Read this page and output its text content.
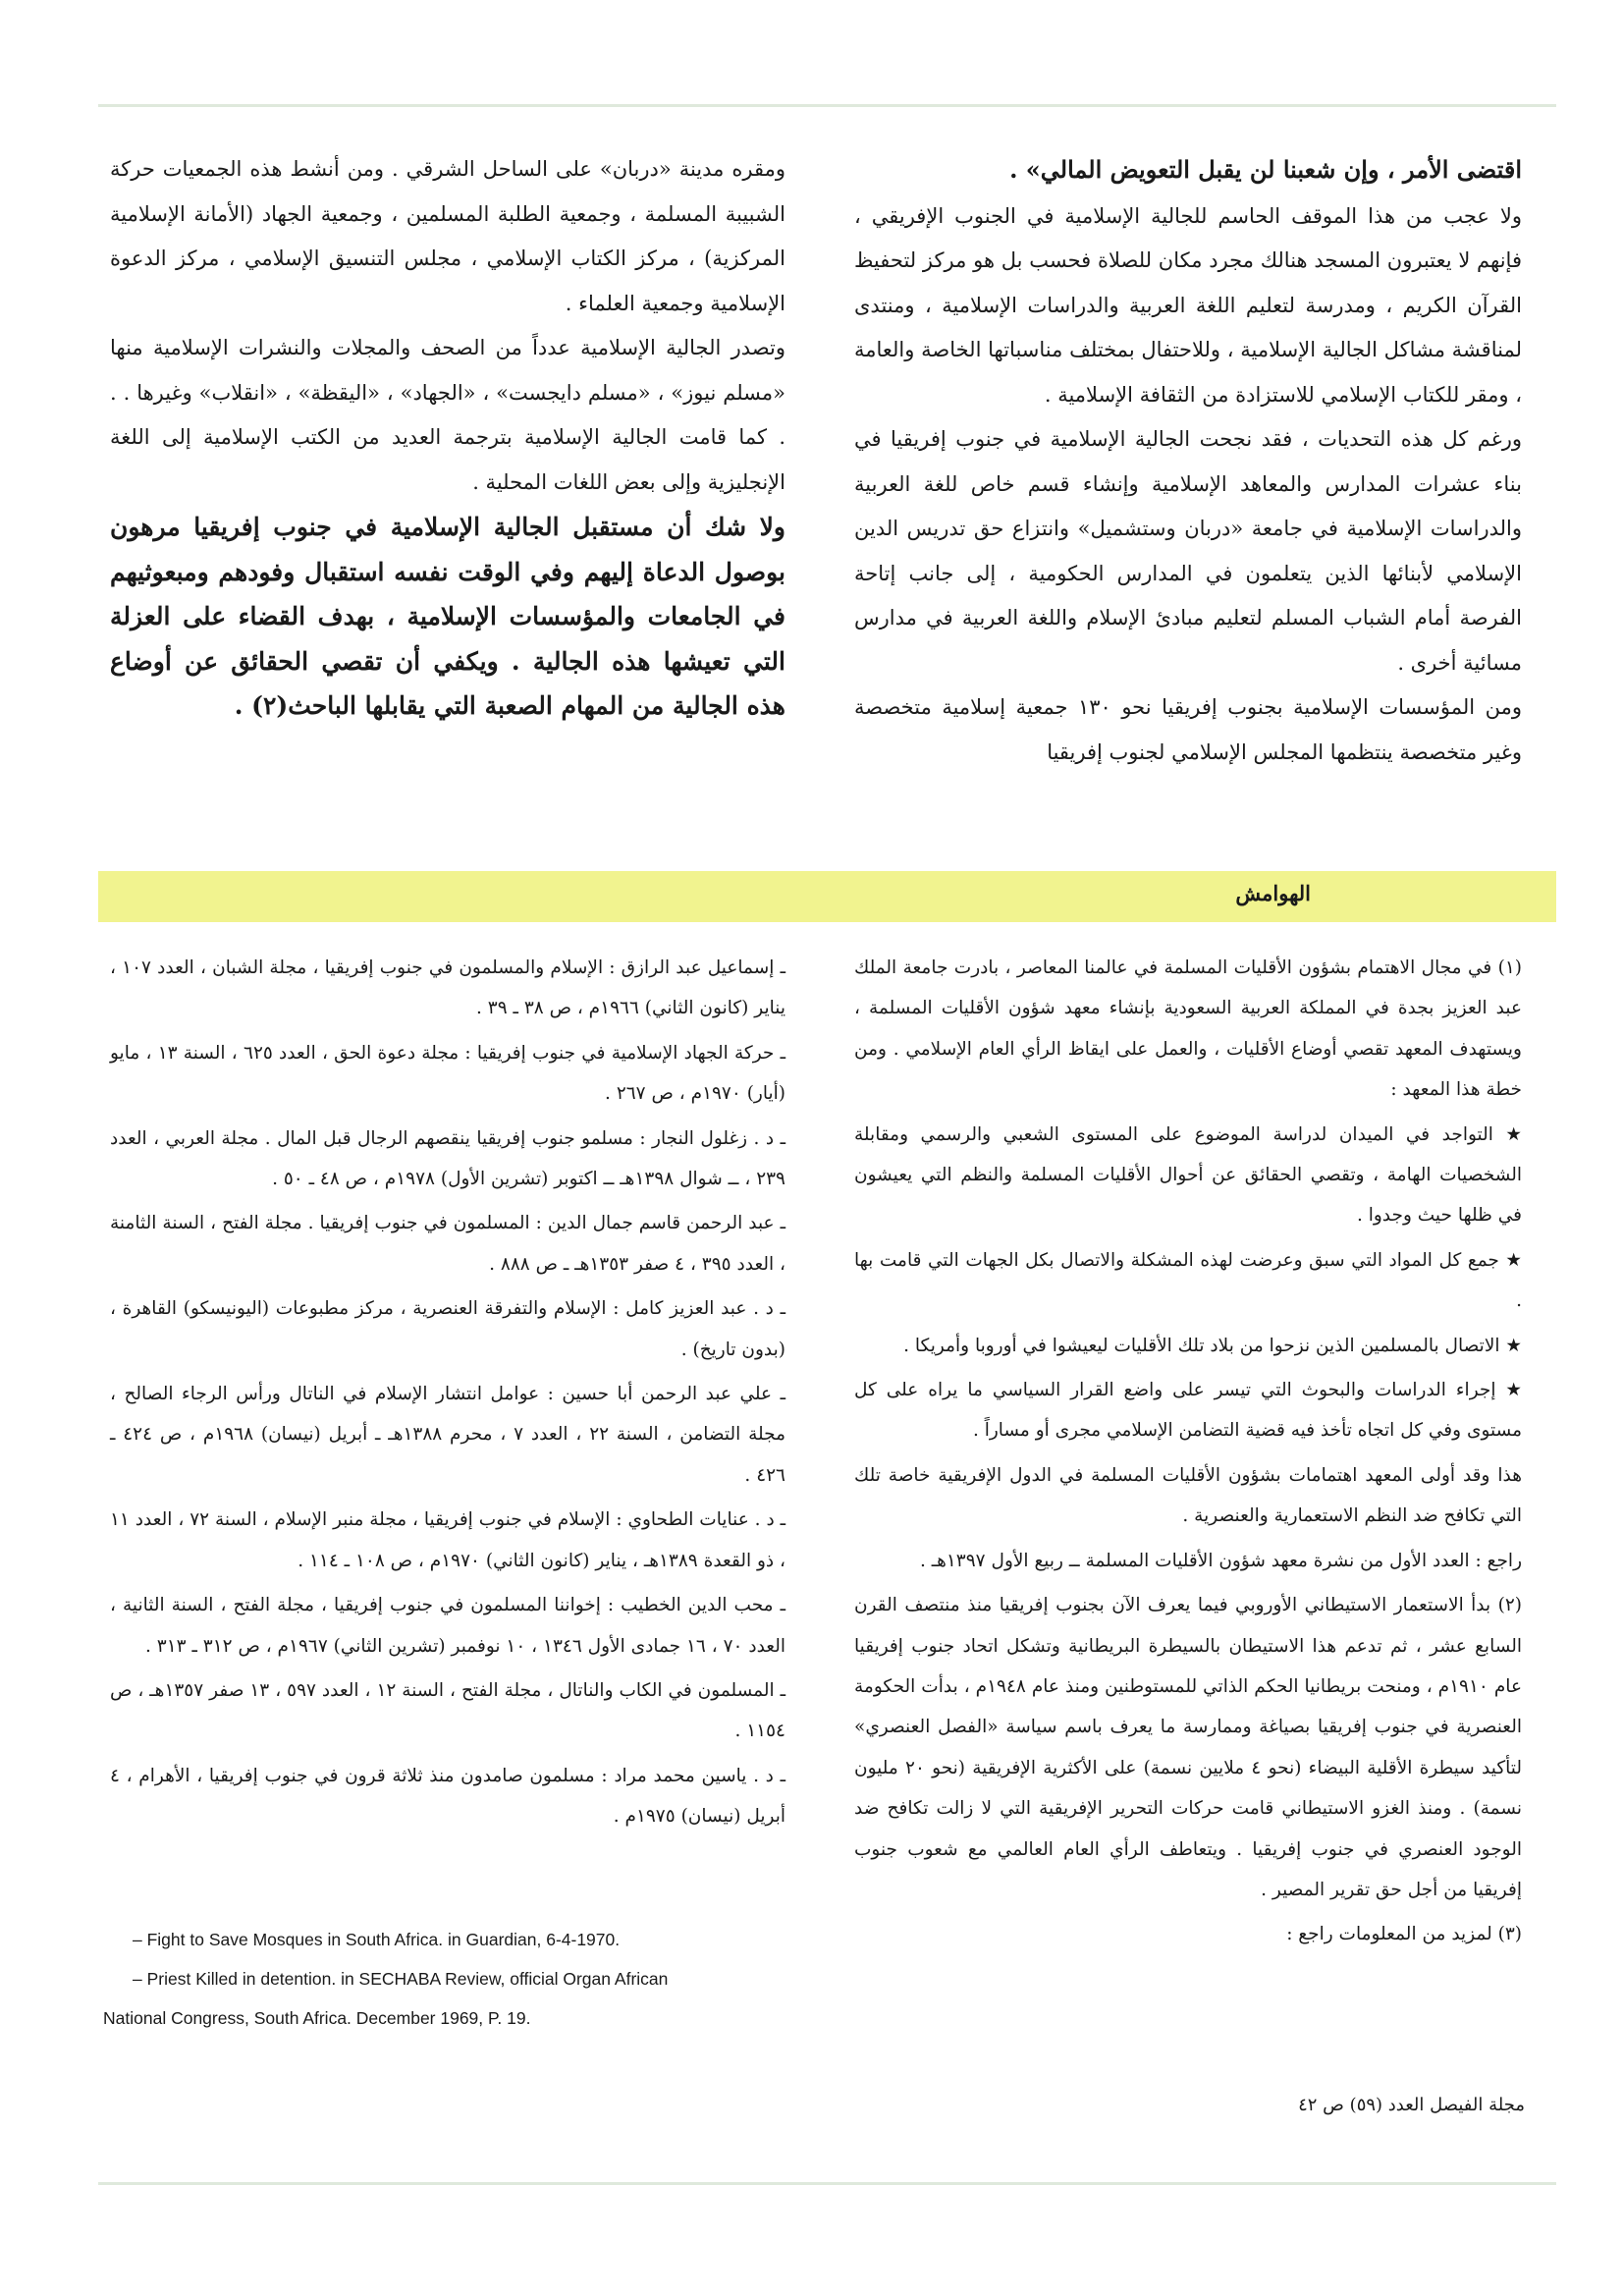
اقتضى الأمر ، وإن شعبنا لن يقبل التعويض المالي» .

ولا عجب من هذا الموقف الحاسم للجالية الإسلامية في الجنوب الإفريقي ، فإنهم لا يعتبرون المسجد هنالك مجرد مكان للصلاة فحسب بل هو مركز لتحفيظ القرآن الكريم ، ومدرسة لتعليم اللغة العربية والدراسات الإسلامية ، ومنتدى لمناقشة مشاكل الجالية الإسلامية ، وللاحتفال بمختلف مناسباتها الخاصة والعامة ، ومقر للكتاب الإسلامي للاستزادة من الثقافة الإسلامية .

ورغم كل هذه التحديات ، فقد نجحت الجالية الإسلامية في جنوب إفريقيا في بناء عشرات المدارس والمعاهد الإسلامية وإنشاء قسم خاص للغة العربية والدراسات الإسلامية في جامعة «دربان وستشميل» وانتزاع حق تدريس الدين الإسلامي لأبنائها الذين يتعلمون في المدارس الحكومية ، إلى جانب إتاحة الفرصة أمام الشباب المسلم لتعليم مبادئ الإسلام واللغة العربية في مدارس مسائية أخرى .

ومن المؤسسات الإسلامية بجنوب إفريقيا نحو ١٣٠ جمعية إسلامية متخصصة وغير متخصصة ينتظمها المجلس الإسلامي لجنوب إفريقيا

ومقره مدينة «دربان» على الساحل الشرقي . ومن أنشط هذه الجمعيات حركة الشبيبة المسلمة ، وجمعية الطلبة المسلمين ، وجمعية الجهاد (الأمانة الإسلامية المركزية) ، مركز الكتاب الإسلامي ، مجلس التنسيق الإسلامي ، مركز الدعوة الإسلامية وجمعية العلماء .

وتصدر الجالية الإسلامية عدداً من الصحف والمجلات والنشرات الإسلامية منها «مسلم نيوز» ، «مسلم دايجست» ، «الجهاد» ، «اليقظة» ، «انقلاب» وغيرها . . . كما قامت الجالية الإسلامية بترجمة العديد من الكتب الإسلامية إلى اللغة الإنجليزية وإلى بعض اللغات المحلية .

ولا شك أن مستقبل الجالية الإسلامية في جنوب إفريقيا مرهون بوصول الدعاة إليهم وفي الوقت نفسه استقبال وفودهم ومبعوثيهم في الجامعات والمؤسسات الإسلامية ، بهدف القضاء على العزلة التي تعيشها هذه الجالية . ويكفي أن تقصي الحقائق عن أوضاع هذه الجالية من المهام الصعبة التي يقابلها الباحث(٢) .

الهوامش

(١) في مجال الاهتمام بشؤون الأقليات المسلمة في عالمنا المعاصر ، بادرت جامعة الملك عبد العزيز بجدة في المملكة العربية السعودية بإنشاء معهد شؤون الأقليات المسلمة ، ويستهدف المعهد تقصي أوضاع الأقليات ، والعمل على ايقاظ الرأي العام الإسلامي . ومن خطة هذا المعهد :

★ التواجد في الميدان لدراسة الموضوع على المستوى الشعبي والرسمي ومقابلة الشخصيات الهامة ، وتقصي الحقائق عن أحوال الأقليات المسلمة والنظم التي يعيشون في ظلها حيث وجدوا .

★ جمع كل المواد التي سبق وعرضت لهذه المشكلة والاتصال بكل الجهات التي قامت بها .

★ الاتصال بالمسلمين الذين نزحوا من بلاد تلك الأقليات ليعيشوا في أوروبا وأمريكا .

★ إجراء الدراسات والبحوث التي تيسر على واضع القرار السياسي ما يراه على كل مستوى وفي كل اتجاه تأخذ فيه قضية التضامن الإسلامي مجرى أو مساراً .

هذا وقد أولى المعهد اهتمامات بشؤون الأقليات المسلمة في الدول الإفريقية خاصة تلك التي تكافح ضد النظم الاستعمارية والعنصرية .

راجع : العدد الأول من نشرة معهد شؤون الأقليات المسلمة ــ ربيع الأول ١٣٩٧هـ .

(٢) بدأ الاستعمار الاستيطاني الأوروبي فيما يعرف الآن بجنوب إفريقيا منذ منتصف القرن السابع عشر ، ثم تدعم هذا الاستيطان بالسيطرة البريطانية وتشكل اتحاد جنوب إفريقيا عام ١٩١٠م ، ومنحت بريطانيا الحكم الذاتي للمستوطنين ومنذ عام ١٩٤٨م ، بدأت الحكومة العنصرية في جنوب إفريقيا بصياغة وممارسة ما يعرف باسم سياسة «الفصل العنصري» لتأكيد سيطرة الأقلية البيضاء (نحو ٤ ملايين نسمة) على الأكثرية الإفريقية (نحو ٢٠ مليون نسمة) . ومنذ الغزو الاستيطاني قامت حركات التحرير الإفريقية التي لا زالت تكافح ضد الوجود العنصري في جنوب إفريقيا . ويتعاطف الرأي العام العالمي مع شعوب جنوب إفريقيا من أجل حق تقرير المصير .

(٣) لمزيد من المعلومات راجع :

ـ إسماعيل عبد الرازق : الإسلام والمسلمون في جنوب إفريقيا ، مجلة الشبان ، العدد ١٠٧ ، يناير (كانون الثاني) ١٩٦٦م ، ص ٣٨ ـ ٣٩ .

ـ حركة الجهاد الإسلامية في جنوب إفريقيا : مجلة دعوة الحق ، العدد ٦٢٥ ، السنة ١٣ ، مايو (أيار) ١٩٧٠م ، ص ٢٦٧ .

ـ د . زغلول النجار : مسلمو جنوب إفريقيا ينقصهم الرجال قبل المال . مجلة العربي ، العدد ٢٣٩ ، ــ شوال ١٣٩٨هـ ــ اكتوبر (تشرين الأول) ١٩٧٨م ، ص ٤٨ ـ ٥٠ .

ـ عبد الرحمن قاسم جمال الدين : المسلمون في جنوب إفريقيا . مجلة الفتح ، السنة الثامنة ، العدد ٣٩٥ ، ٤ صفر ١٣٥٣هـ ـ ص ٨٨٨ .

ـ د . عبد العزيز كامل : الإسلام والتفرقة العنصرية ، مركز مطبوعات (اليونيسكو) القاهرة ، (بدون تاريخ) .

ـ علي عبد الرحمن أبا حسين : عوامل انتشار الإسلام في الناتال ورأس الرجاء الصالح ، مجلة التضامن ، السنة ٢٢ ، العدد ٧ ، محرم ١٣٨٨هـ ـ أبريل (نيسان) ١٩٦٨م ، ص ٤٢٤ ـ ٤٢٦ .

ـ د . عنايات الطحاوي : الإسلام في جنوب إفريقيا ، مجلة منبر الإسلام ، السنة ٧٢ ، العدد ١١ ، ذو القعدة ١٣٨٩هـ ، يناير (كانون الثاني) ١٩٧٠م ، ص ١٠٨ ـ ١١٤ .

ـ محب الدين الخطيب : إخواننا المسلمون في جنوب إفريقيا ، مجلة الفتح ، السنة الثانية ، العدد ٧٠ ، ١٦ جمادى الأول ١٣٤٦ ، ١٠ نوفمبر (تشرين الثاني) ١٩٦٧م ، ص ٣١٢ ـ ٣١٣ .

ـ المسلمون في الكاب والناتال ، مجلة الفتح ، السنة ١٢ ، العدد ٥٩٧ ، ١٣ صفر ١٣٥٧هـ ، ص ١١٥٤ .

ـ د . ياسين محمد مراد : مسلمون صامدون منذ ثلاثة قرون في جنوب إفريقيا ، الأهرام ، ٤ أبريل (نيسان) ١٩٧٥م .

– Fight to Save Mosques in South Africa. in Guardian, 6-4-1970.

– Priest Killed in detention. in SECHABA Review, official Organ African

National Congress, South Africa. December 1969, P. 19.

مجلة الفيصل العدد (٥٩) ص ٤٢
